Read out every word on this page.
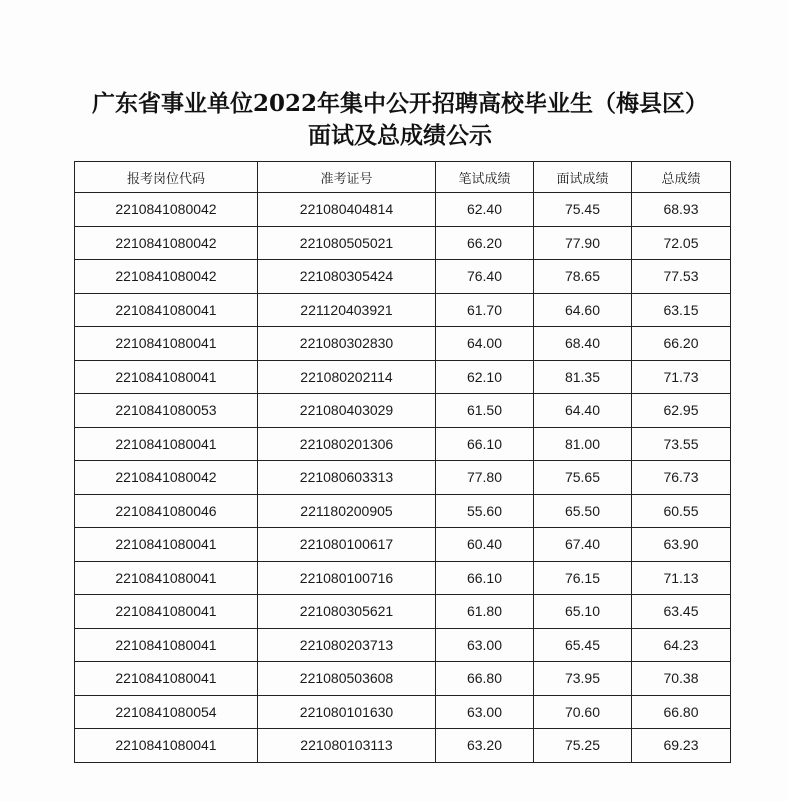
广东省事业单位2022年集中公开招聘高校毕业生（梅县区）
面试及总成绩公示
报考岗位代码	准考证号	笔试成绩	面试成绩	总成绩
2210841080042	221080404814	62.40	75.45	68.93
2210841080042	221080505021	66.20	77.90	72.05
2210841080042	221080305424	76.40	78.65	77.53
2210841080041	221120403921	61.70	64.60	63.15
2210841080041	221080302830	64.00	68.40	66.20
2210841080041	221080202114	62.10	81.35	71.73
2210841080053	221080403029	61.50	64.40	62.95
2210841080041	221080201306	66.10	81.00	73.55
2210841080042	221080603313	77.80	75.65	76.73
2210841080046	221180200905	55.60	65.50	60.55
2210841080041	221080100617	60.40	67.40	63.90
2210841080041	221080100716	66.10	76.15	71.13
2210841080041	221080305621	61.80	65.10	63.45
2210841080041	221080203713	63.00	65.45	64.23
2210841080041	221080503608	66.80	73.95	70.38
2210841080054	221080101630	63.00	70.60	66.80
2210841080041	221080103113	63.20	75.25	69.23
